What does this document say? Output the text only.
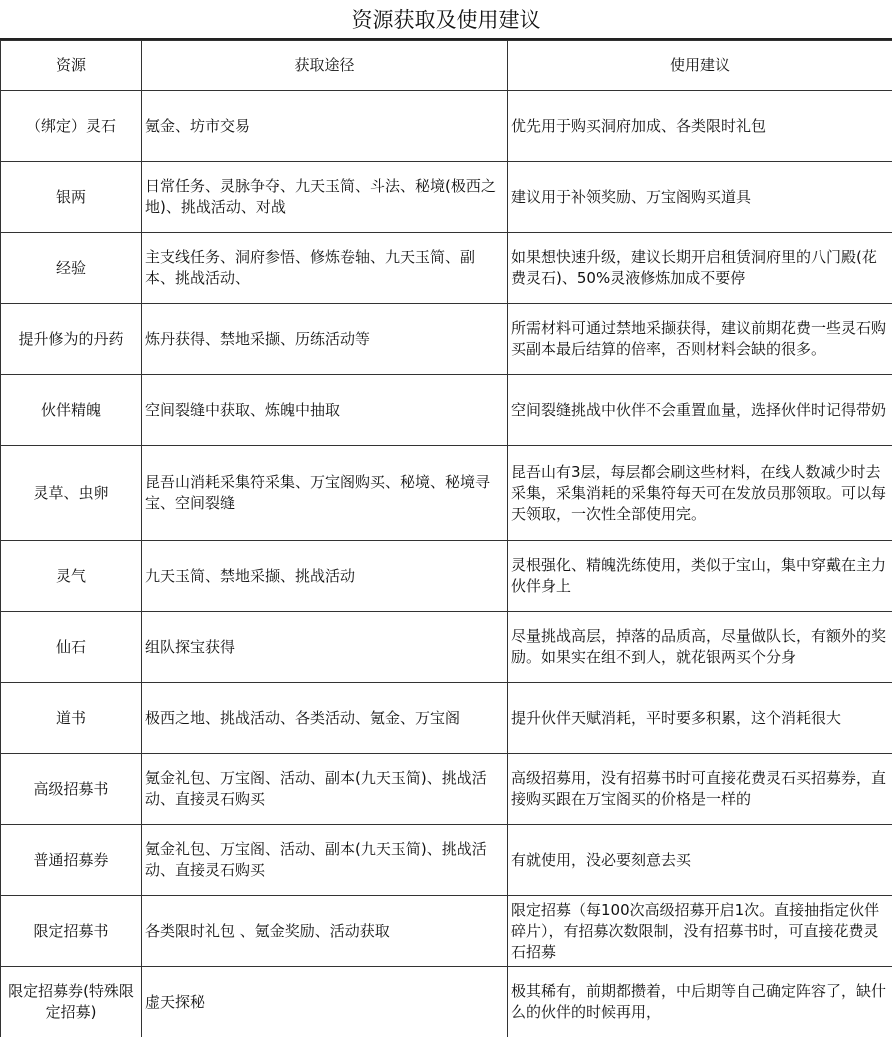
资源获取及使用建议
资源	获取途径	使用建议
（绑定）灵石	氪金、坊市交易	优先用于购买洞府加成、各类限时礼包
银两	日常任务、灵脉争夺、九天玉简、斗法、秘境(极西之地)、挑战活动、对战	建议用于补领奖励、万宝阁购买道具
经验	主支线任务、洞府参悟、修炼卷轴、九天玉简、副本、挑战活动、	如果想快速升级，建议长期开启租赁洞府里的八门殿(花费灵石)、50%灵液修炼加成不要停
提升修为的丹药	炼丹获得、禁地采撷、历练活动等	所需材料可通过禁地采撷获得，建议前期花费一些灵石购买副本最后结算的倍率，否则材料会缺的很多。
伙伴精魄	空间裂缝中获取、炼魄中抽取	空间裂缝挑战中伙伴不会重置血量，选择伙伴时记得带奶
灵草、虫卵	昆吾山消耗采集符采集、万宝阁购买、秘境、秘境寻宝、空间裂缝	昆吾山有3层，每层都会刷这些材料，在线人数减少时去采集，采集消耗的采集符每天可在发放员那领取。可以每天领取，一次性全部使用完。
灵气	九天玉简、禁地采撷、挑战活动	灵根强化、精魄洗练使用，类似于宝山，集中穿戴在主力伙伴身上
仙石	组队探宝获得	尽量挑战高层，掉落的品质高，尽量做队长，有额外的奖励。如果实在组不到人，就花银两买个分身
道书	极西之地、挑战活动、各类活动、氪金、万宝阁	提升伙伴天赋消耗，平时要多积累，这个消耗很大
高级招募书	氪金礼包、万宝阁、活动、副本(九天玉简)、挑战活动、直接灵石购买	高级招募用，没有招募书时可直接花费灵石买招募券，直接购买跟在万宝阁买的价格是一样的
普通招募券	氪金礼包、万宝阁、活动、副本(九天玉简)、挑战活动、直接灵石购买	有就使用，没必要刻意去买
限定招募书	各类限时礼包 、氪金奖励、活动获取	限定招募（每100次高级招募开启1次。直接抽指定伙伴碎片），有招募次数限制，没有招募书时，可直接花费灵石招募
限定招募券(特殊限定招募)	虚天探秘	极其稀有，前期都攒着，中后期等自己确定阵容了，缺什么的伙伴的时候再用，
